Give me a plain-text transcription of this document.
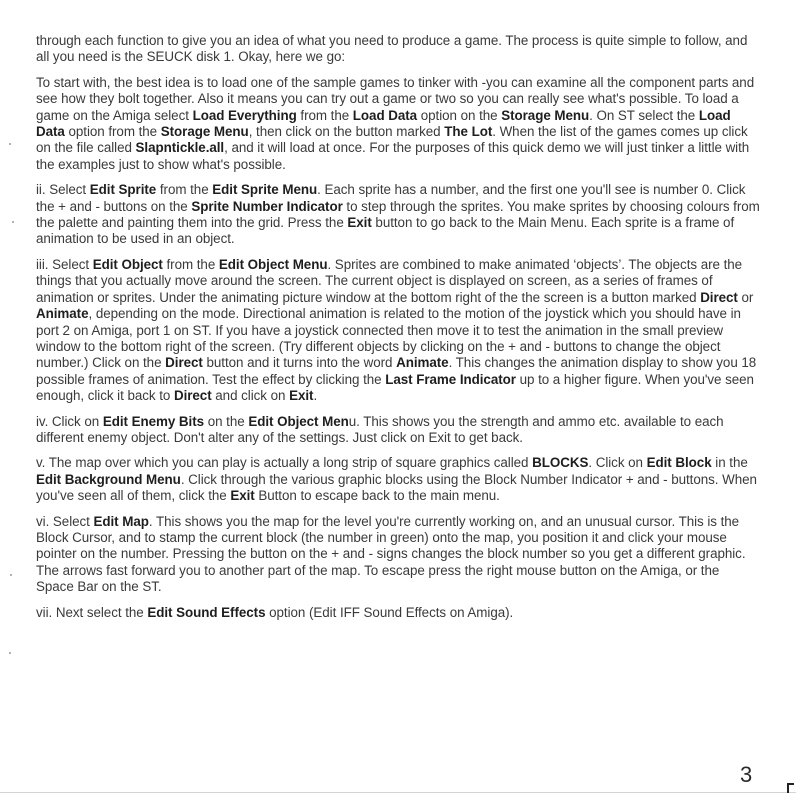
through each function to give you an idea of what you need to produce a game. The process is quite simple to follow, and all you need is the SEUCK disk 1. Okay, here we go:

To start with, the best idea is to load one of the sample games to tinker with -you can examine all the component parts and see how they bolt together. Also it means you can try out a game or two so you can really see what's possible. To load a game on the Amiga select Load Everything from the Load Data option on the Storage Menu. On ST select the Load Data option from the Storage Menu, then click on the button marked The Lot. When the list of the games comes up click on the file called Slapntickle.all, and it will load at once. For the purposes of this quick demo we will just tinker a little with the examples just to show what's possible.

ii. Select Edit Sprite from the Edit Sprite Menu. Each sprite has a number, and the first one you'll see is number 0. Click the + and - buttons on the Sprite Number Indicator to step through the sprites. You make sprites by choosing colours from the palette and painting them into the grid. Press the Exit button to go back to the Main Menu. Each sprite is a frame of animation to be used in an object.

iii. Select Edit Object from the Edit Object Menu. Sprites are combined to make animated ‘objects’. The objects are the things that you actually move around the screen. The current object is displayed on screen, as a series of frames of animation or sprites. Under the animating picture window at the bottom right of the the screen is a button marked Direct or Animate, depending on the mode. Directional animation is related to the motion of the joystick which you should have in port 2 on Amiga, port 1 on ST. If you have a joystick connected then move it to test the animation in the small preview window to the bottom right of the screen. (Try different objects by clicking on the + and - buttons to change the object number.) Click on the Direct button and it turns into the word Animate. This changes the animation display to show you 18 possible frames of animation. Test the effect by clicking the Last Frame Indicator up to a higher figure. When you've seen enough, click it back to Direct and click on Exit.

iv. Click on Edit Enemy Bits on the Edit Object Menu. This shows you the strength and ammo etc. available to each different enemy object. Don't alter any of the settings. Just click on Exit to get back.

v. The map over which you can play is actually a long strip of square graphics called BLOCKS. Click on Edit Block in the Edit Background Menu. Click through the various graphic blocks using the Block Number Indicator + and - buttons. When you've seen all of them, click the Exit Button to escape back to the main menu.

vi. Select Edit Map. This shows you the map for the level you're currently working on, and an unusual cursor. This is the Block Cursor, and to stamp the current block (the number in green) onto the map, you position it and click your mouse pointer on the number. Pressing the button on the + and - signs changes the block number so you get a different graphic. The arrows fast forward you to another part of the map. To escape press the right mouse button on the Amiga, or the Space Bar on the ST.

vii. Next select the Edit Sound Effects option (Edit IFF Sound Effects on Amiga).

3
